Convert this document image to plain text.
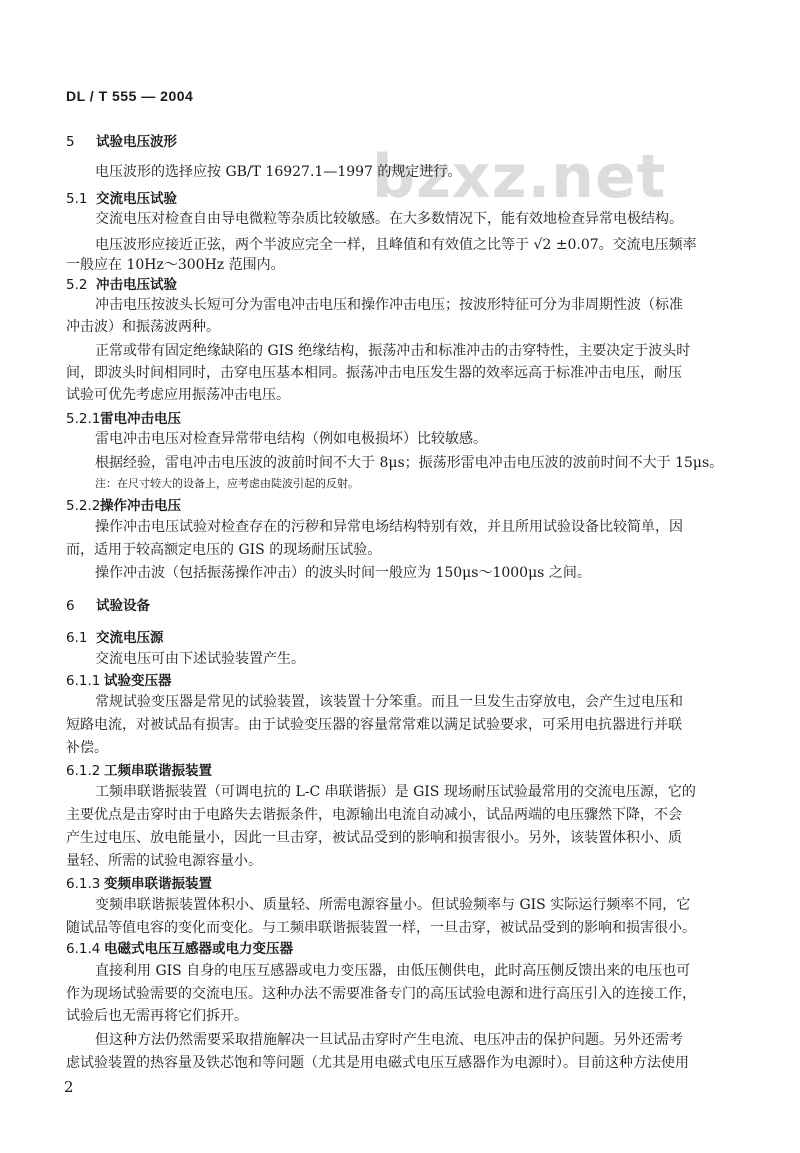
DL / T 555 — 2004
bzxz.net
5 试验电压波形
电压波形的选择应按 GB/T 16927.1—1997 的规定进行。
5.1 交流电压试验
交流电压对检查自由导电微粒等杂质比较敏感。在大多数情况下，能有效地检查异常电极结构。
电压波形应接近正弦，两个半波应完全一样，且峰值和有效值之比等于 √2 ±0.07。交流电压频率
一般应在 10Hz～300Hz 范围内。
5.2 冲击电压试验
冲击电压按波头长短可分为雷电冲击电压和操作冲击电压；按波形特征可分为非周期性波（标准
冲击波）和振荡波两种。
正常或带有固定绝缘缺陷的 GIS 绝缘结构，振荡冲击和标准冲击的击穿特性，主要决定于波头时
间，即波头时间相同时，击穿电压基本相同。振荡冲击电压发生器的效率远高于标准冲击电压，耐压
试验可优先考虑应用振荡冲击电压。
5.2.1雷电冲击电压
雷电冲击电压对检查异常带电结构（例如电极损坏）比较敏感。
根据经验，雷电冲击电压波的波前时间不大于 8μs；振荡形雷电冲击电压波的波前时间不大于 15μs。
注：在尺寸较大的设备上，应考虑由陡波引起的反射。
5.2.2操作冲击电压
操作冲击电压试验对检查存在的污秽和异常电场结构特别有效，并且所用试验设备比较简单，因
而，适用于较高额定电压的 GIS 的现场耐压试验。
操作冲击波（包括振荡操作冲击）的波头时间一般应为 150μs～1000μs 之间。
6 试验设备
6.1 交流电压源
交流电压可由下述试验装置产生。
6.1.1 试验变压器
常规试验变压器是常见的试验装置，该装置十分笨重。而且一旦发生击穿放电，会产生过电压和
短路电流，对被试品有损害。由于试验变压器的容量常常难以满足试验要求，可采用电抗器进行并联
补偿。
6.1.2 工频串联谐振装置
工频串联谐振装置（可调电抗的 L-C 串联谐振）是 GIS 现场耐压试验最常用的交流电压源，它的
主要优点是击穿时由于电路失去谐振条件，电源输出电流自动减小，试品两端的电压骤然下降，不会
产生过电压、放电能量小，因此一旦击穿，被试品受到的影响和损害很小。另外，该装置体积小、质
量轻、所需的试验电源容量小。
6.1.3 变频串联谐振装置
变频串联谐振装置体积小、质量轻、所需电源容量小。但试验频率与 GIS 实际运行频率不同，它
随试品等值电容的变化而变化。与工频串联谐振装置一样，一旦击穿，被试品受到的影响和损害很小。
6.1.4 电磁式电压互感器或电力变压器
直接利用 GIS 自身的电压互感器或电力变压器，由低压侧供电，此时高压侧反馈出来的电压也可
作为现场试验需要的交流电压。这种办法不需要准备专门的高压试验电源和进行高压引入的连接工作，
试验后也无需再将它们拆开。
但这种方法仍然需要采取措施解决一旦试品击穿时产生电流、电压冲击的保护问题。另外还需考
虑试验装置的热容量及铁芯饱和等问题（尤其是用电磁式电压互感器作为电源时）。目前这种方法使用
2
